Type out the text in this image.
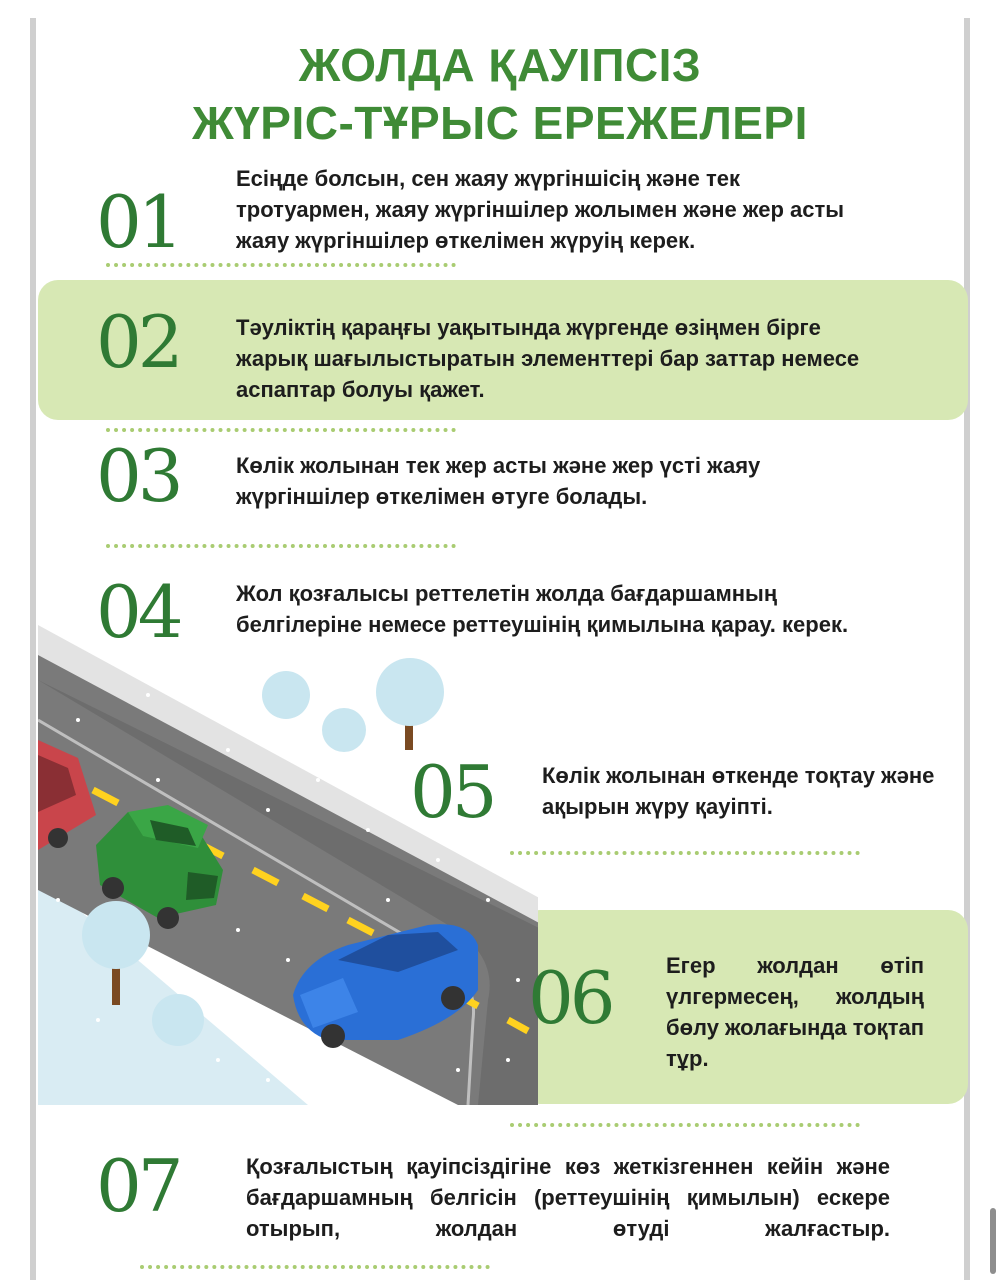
ЖОЛДА ҚАУІПСІЗ
ЖҮРІС-ТҰРЫС ЕРЕЖЕЛЕРІ
01
Есіңде болсын, сен жаяу жүргіншісің және тек тротуармен, жаяу жүргіншілер жолымен және жер асты жаяу жүргіншілер өткелімен жүруің керек.
02	Тәуліктің қараңғы уақытында жүргенде өзіңмен бірге жарық шағылыстыратын элементтері бар заттар немесе аспаптар болуы қажет.
03	Көлік жолынан тек жер асты және жер үсті жаяу жүргіншілер өткелімен өтуге болады.
04	Жол қозғалысы реттелетін жолда бағдаршамның белгілеріне немесе реттеушінің қимылына қарау. керек.
05 Көлік жолынан өткенде тоқтау және ақырын жүру қауіпті.
06 Егер жолдан өтіп үлгермесең, жолдың бөлу жолағында тоқтап тұр.
07	Қозғалыстың қауіпсіздігіне көз жеткізгеннен кейін және бағдаршамның белгісін (реттеушінің қимылын) ескере отырып, жолдан өтуді жалғастыр.
